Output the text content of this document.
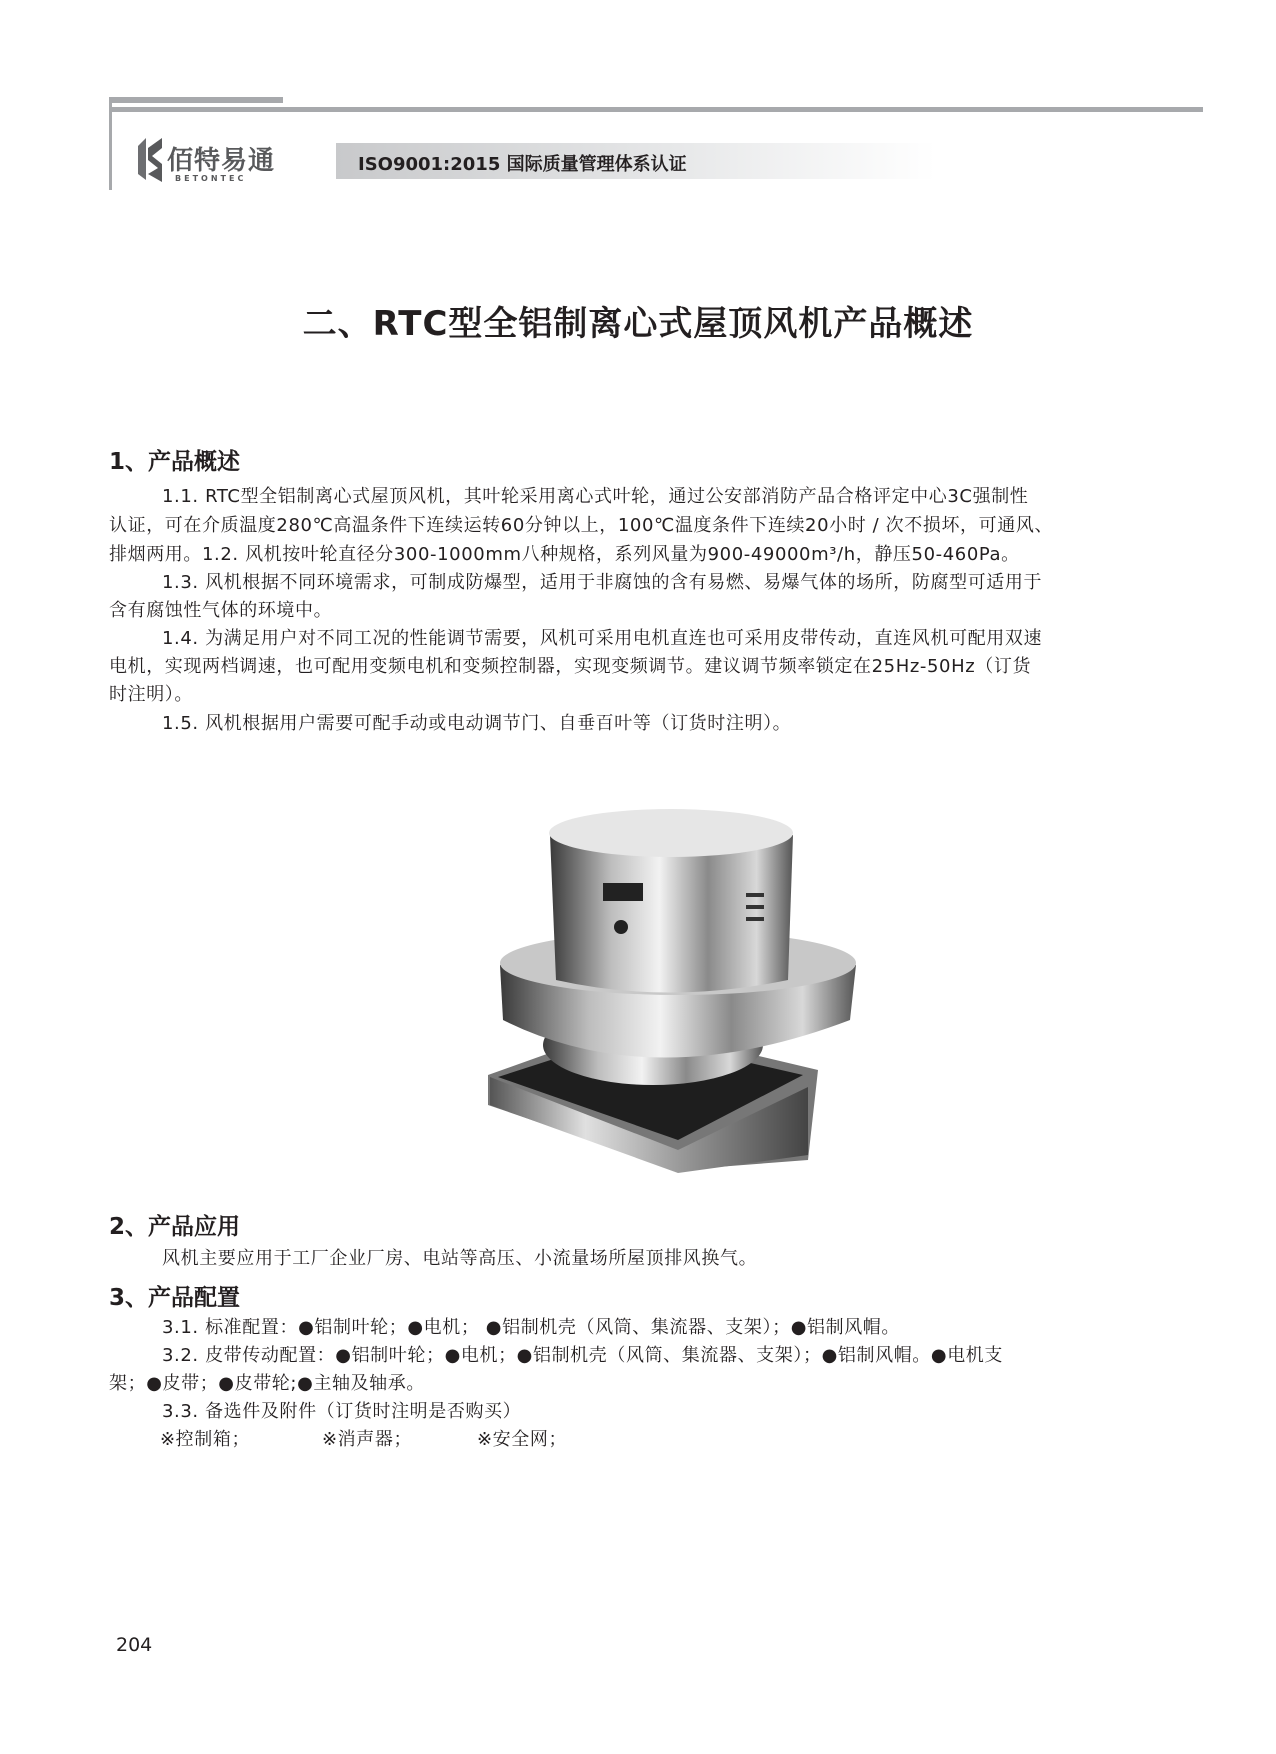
佰特易通
BETONTEC
ISO9001:2015 国际质量管理体系认证
二、RTC型全铝制离心式屋顶风机产品概述
1、产品概述
1.1. RTC型全铝制离心式屋顶风机，其叶轮采用离心式叶轮，通过公安部消防产品合格评定中心3C强制性
认证，可在介质温度280℃高温条件下连续运转60分钟以上，100℃温度条件下连续20小时 / 次不损坏，可通风、
排烟两用。1.2. 风机按叶轮直径分300-1000mm八种规格，系列风量为900-49000m³/h，静压50-460Pa。
1.3. 风机根据不同环境需求，可制成防爆型，适用于非腐蚀的含有易燃、易爆气体的场所，防腐型可适用于
含有腐蚀性气体的环境中。
1.4. 为满足用户对不同工况的性能调节需要，风机可采用电机直连也可采用皮带传动，直连风机可配用双速
电机，实现两档调速，也可配用变频电机和变频控制器，实现变频调节。建议调节频率锁定在25Hz-50Hz（订货
时注明）。
1.5. 风机根据用户需要可配手动或电动调节门、自垂百叶等（订货时注明）。
2、产品应用
风机主要应用于工厂企业厂房、电站等高压、小流量场所屋顶排风换气。
3、产品配置
3.1. 标准配置：●铝制叶轮；●电机； ●铝制机壳（风筒、集流器、支架）；●铝制风帽。
3.2. 皮带传动配置：●铝制叶轮；●电机；●铝制机壳（风筒、集流器、支架）；●铝制风帽。●电机支
架；●皮带；●皮带轮;●主轴及轴承。
3.3. 备选件及附件（订货时注明是否购买）
※控制箱；	※消声器；	※安全网；
204
